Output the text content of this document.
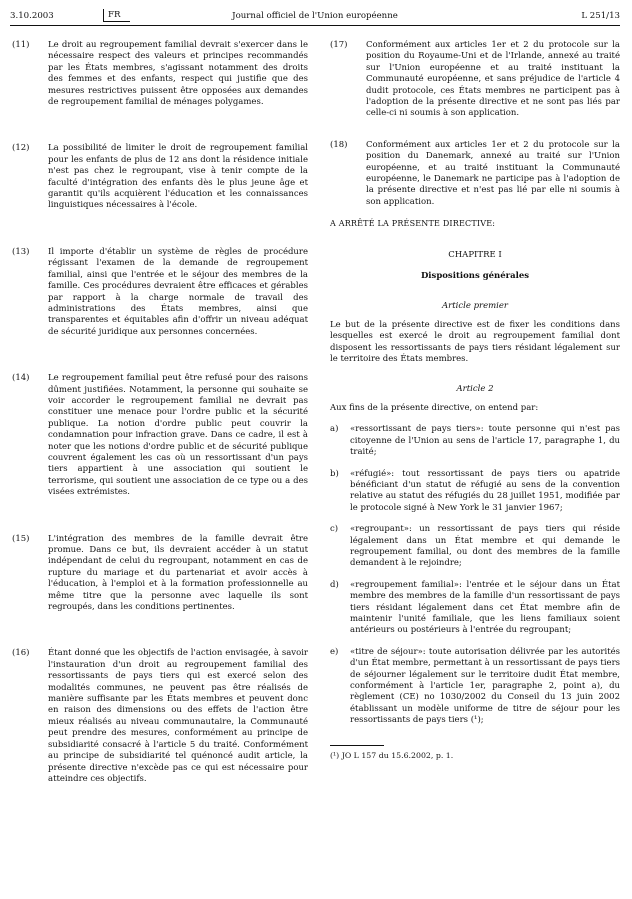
3.10.2003	FR	Journal officiel de l'Union européenne	L 251/13
(11)	Le droit au regroupement familial devrait s'exercer dans le nécessaire respect des valeurs et principes recommandés par les États membres, s'agissant notamment des droits des femmes et des enfants, respect qui justifie que des mesures restrictives puissent être opposées aux demandes de regroupement familial de ménages polygames.
(12)	La possibilité de limiter le droit de regroupement familial pour les enfants de plus de 12 ans dont la résidence initiale n'est pas chez le regroupant, vise à tenir compte de la faculté d'intégration des enfants dès le plus jeune âge et garantit qu'ils acquièrent l'éducation et les connaissances linguistiques nécessaires à l'école.
(13)	Il importe d'établir un système de règles de procédure régissant l'examen de la demande de regroupement familial, ainsi que l'entrée et le séjour des membres de la famille. Ces procédures devraient être efficaces et gérables par rapport à la charge normale de travail des administrations des États membres, ainsi que transparentes et équitables afin d'offrir un niveau adéquat de sécurité juridique aux personnes concernées.
(14)	Le regroupement familial peut être refusé pour des raisons dûment justifiées. Notamment, la personne qui souhaite se voir accorder le regroupement familial ne devrait pas constituer une menace pour l'ordre public et la sécurité publique. La notion d'ordre public peut couvrir la condamnation pour infraction grave. Dans ce cadre, il est à noter que les notions d'ordre public et de sécurité publique couvrent également les cas où un ressortissant d'un pays tiers appartient à une association qui soutient le terrorisme, qui soutient une association de ce type ou a des visées extrémistes.
(15)	L'intégration des membres de la famille devrait être promue. Dans ce but, ils devraient accéder à un statut indépendant de celui du regroupant, notamment en cas de rupture du mariage et du partenariat et avoir accès à l'éducation, à l'emploi et à la formation professionnelle au même titre que la personne avec laquelle ils sont regroupés, dans les conditions pertinentes.
(16)	Étant donné que les objectifs de l'action envisagée, à savoir l'instauration d'un droit au regroupement familial des ressortissants de pays tiers qui est exercé selon des modalités communes, ne peuvent pas être réalisés de manière suffisante par les États membres et peuvent donc en raison des dimensions ou des effets de l'action être mieux réalisés au niveau communautaire, la Communauté peut prendre des mesures, conformément au principe de subsidiarité consacré à l'article 5 du traité. Conformément au principe de subsidiarité tel quénoncé audit article, la présente directive n'excède pas ce qui est nécessaire pour atteindre ces objectifs.
(17)	Conformément aux articles 1er et 2 du protocole sur la position du Royaume-Uni et de l'Irlande, annexé au traité sur l'Union européenne et au traité instituant la Communauté européenne, et sans préjudice de l'article 4 dudit protocole, ces États membres ne participent pas à l'adoption de la présente directive et ne sont pas liés par celle-ci ni soumis à son application.
(18)	Conformément aux articles 1er et 2 du protocole sur la position du Danemark, annexé au traité sur l'Union européenne, et au traité instituant la Communauté européenne, le Danemark ne participe pas à l'adoption de la présente directive et n'est pas lié par elle ni soumis à son application.
A ARRÊTÉ LA PRÉSENTE DIRECTIVE:
CHAPITRE I
Dispositions générales
Article premier
Le but de la présente directive est de fixer les conditions dans lesquelles est exercé le droit au regroupement familial dont disposent les ressortissants de pays tiers résidant légalement sur le territoire des États membres.
Article 2
Aux fins de la présente directive, on entend par:
a)	«ressortissant de pays tiers»: toute personne qui n'est pas citoyenne de l'Union au sens de l'article 17, paragraphe 1, du traité;
b)	«réfugié»: tout ressortissant de pays tiers ou apatride bénéficiant d'un statut de réfugié au sens de la convention relative au statut des réfugiés du 28 juillet 1951, modifiée par le protocole signé à New York le 31 janvier 1967;
c)	«regroupant»: un ressortissant de pays tiers qui réside légalement dans un État membre et qui demande le regroupement familial, ou dont des membres de la famille demandent à le rejoindre;
d)	«regroupement familial»: l'entrée et le séjour dans un État membre des membres de la famille d'un ressortissant de pays tiers résidant légalement dans cet État membre afin de maintenir l'unité familiale, que les liens familiaux soient antérieurs ou postérieurs à l'entrée du regroupant;
e)	«titre de séjour»: toute autorisation délivrée par les autorités d'un État membre, permettant à un ressortissant de pays tiers de séjourner légalement sur le territoire dudit État membre, conformément à l'article 1er, paragraphe 2, point a), du règlement (CE) no 1030/2002 du Conseil du 13 juin 2002 établissant un modèle uniforme de titre de séjour pour les ressortissants de pays tiers (¹);
(¹) JO L 157 du 15.6.2002, p. 1.
